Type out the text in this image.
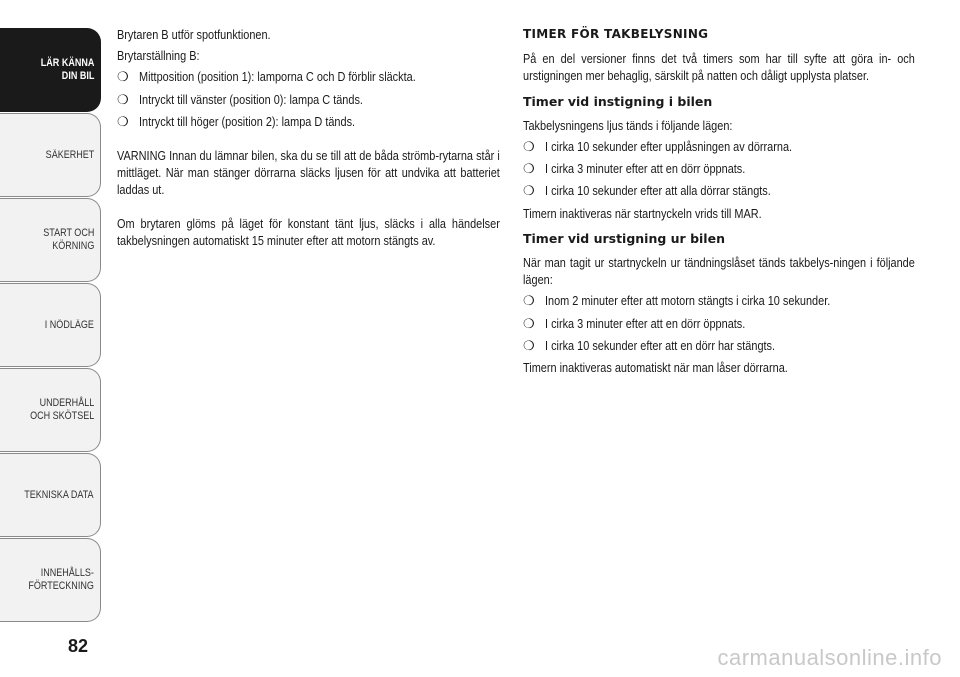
LÄR KÄNNA
DIN BIL
SÄKERHET
START OCH
KÖRNING
I NÖDLÄGE
UNDERHÅLL
OCH SKÖTSEL
TEKNISKA DATA
INNEHÅLLS-
FÖRTECKNING
82

Brytaren B utför spotfunktionen.

Brytarställning B:

❍ Mittposition (position 1): lamporna C och D förblir släckta.
❍ Intryckt till vänster (position 0): lampa C tänds.
❍ Intryckt till höger (position 2): lampa D tänds.

VARNING Innan du lämnar bilen, ska du se till att de båda strömb-rytarna står i mittläget. När man stänger dörrarna släcks ljusen för att undvika att batteriet laddas ut.

Om brytaren glöms på läget för konstant tänt ljus, släcks i alla händelser takbelysningen automatiskt 15 minuter efter att motorn stängts av.

TIMER FÖR TAKBELYSNING

På en del versioner finns det två timers som har till syfte att göra in- och urstigningen mer behaglig, särskilt på natten och dåligt upplysta platser.

Timer vid instigning i bilen

Takbelysningens ljus tänds i följande lägen:

❍ I cirka 10 sekunder efter upplåsningen av dörrarna.
❍ I cirka 3 minuter efter att en dörr öppnats.
❍ I cirka 10 sekunder efter att alla dörrar stängts.

Timern inaktiveras när startnyckeln vrids till MAR.

Timer vid urstigning ur bilen

När man tagit ur startnyckeln ur tändningslåset tänds takbelys-ningen i följande lägen:

❍ Inom 2 minuter efter att motorn stängts i cirka 10 sekunder.
❍ I cirka 3 minuter efter att en dörr öppnats.
❍ I cirka 10 sekunder efter att en dörr har stängts.

Timern inaktiveras automatiskt när man låser dörrarna.

carmanualsonline.info
